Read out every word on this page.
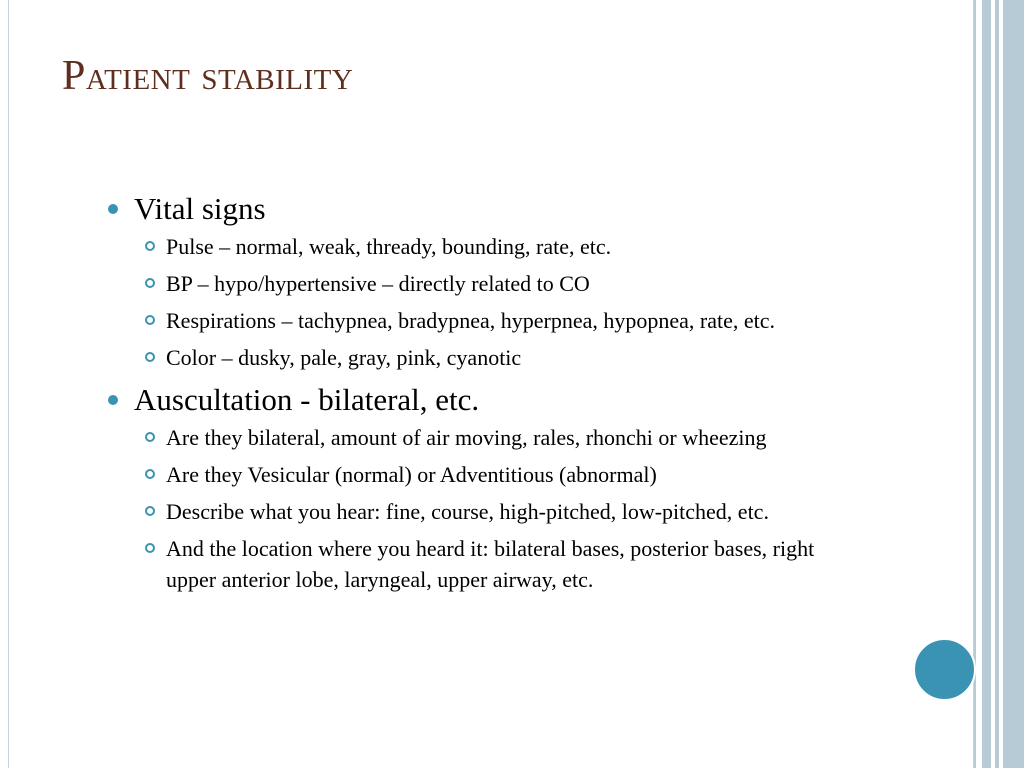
Patient stability
Vital signs
Pulse – normal, weak, thready, bounding, rate, etc.
BP – hypo/hypertensive – directly related to CO
Respirations – tachypnea, bradypnea, hyperpnea, hypopnea, rate, etc.
Color – dusky, pale, gray, pink, cyanotic
Auscultation - bilateral, etc.
Are they bilateral, amount of air moving, rales, rhonchi or wheezing
Are they Vesicular (normal) or Adventitious (abnormal)
Describe what you hear: fine, course, high-pitched, low-pitched, etc.
And the location where you heard it: bilateral bases, posterior bases, right upper anterior lobe, laryngeal, upper airway, etc.
